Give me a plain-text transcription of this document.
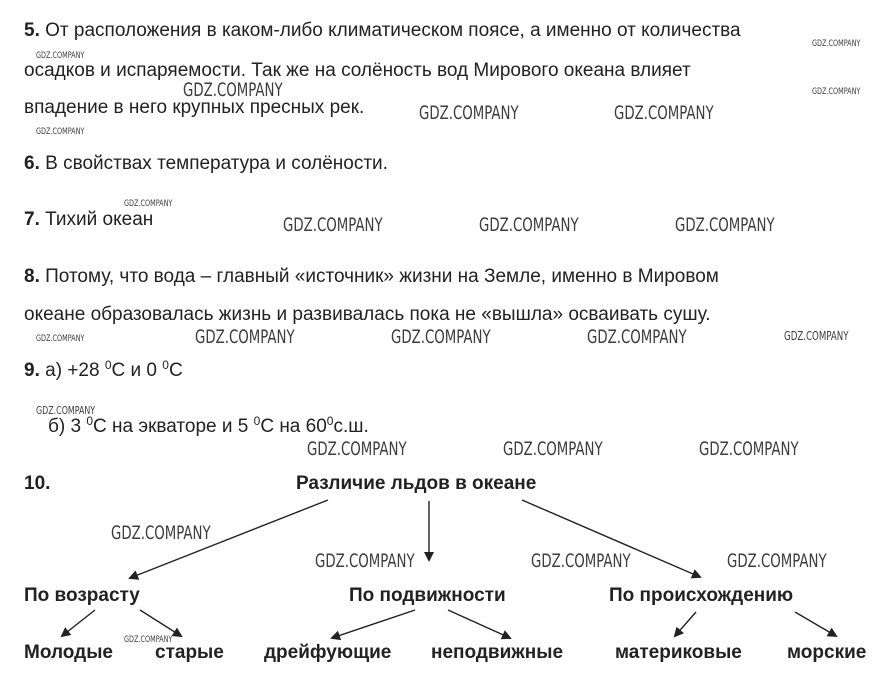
5. От расположения в каком-либо климатическом поясе, а именно от количества
осадков и испаряемости. Так же на солёность вод Мирового океана влияет
впадение в него крупных пресных рек.
6. В свойствах температура и солёности.
7. Тихий океан
8. Потому, что вода – главный «источник» жизни на Земле, именно в Мировом
океане образовалась жизнь и развивалась пока не «вышла» осваивать сушу.
9. а) +28 $^0$С и 0 $^0$С
б) 3 $^0$С на экваторе и 5 $^0$С на $60^0с.ш$.
10.	Различие льдов в океане
По возрасту	По подвижности	По происхождению
Молодые старые дрейфующие неподвижные	материковые морские
GDZ.COMPANY
GDZ.COMPANY
GDZ.COMPANY
GDZ.COMPANY
GDZ.COMPANY	GDZ.COMPANY
GDZ.COMPANY
GDZ.COMPANY
GDZ.COMPANY	GDZ.COMPANY	GDZ.COMPANY
GDZ.COMPANY	GDZ.COMPANY	GDZ.COMPANY	GDZ.COMPANY	GDZ.COMPANY
GDZ.COMPANY
GDZ.COMPANY	GDZ.COMPANY	GDZ.COMPANY
GDZ.COMPANY
GDZ.COMPANY	GDZ.COMPANY	GDZ.COMPANY
GDZ.COMPANY
